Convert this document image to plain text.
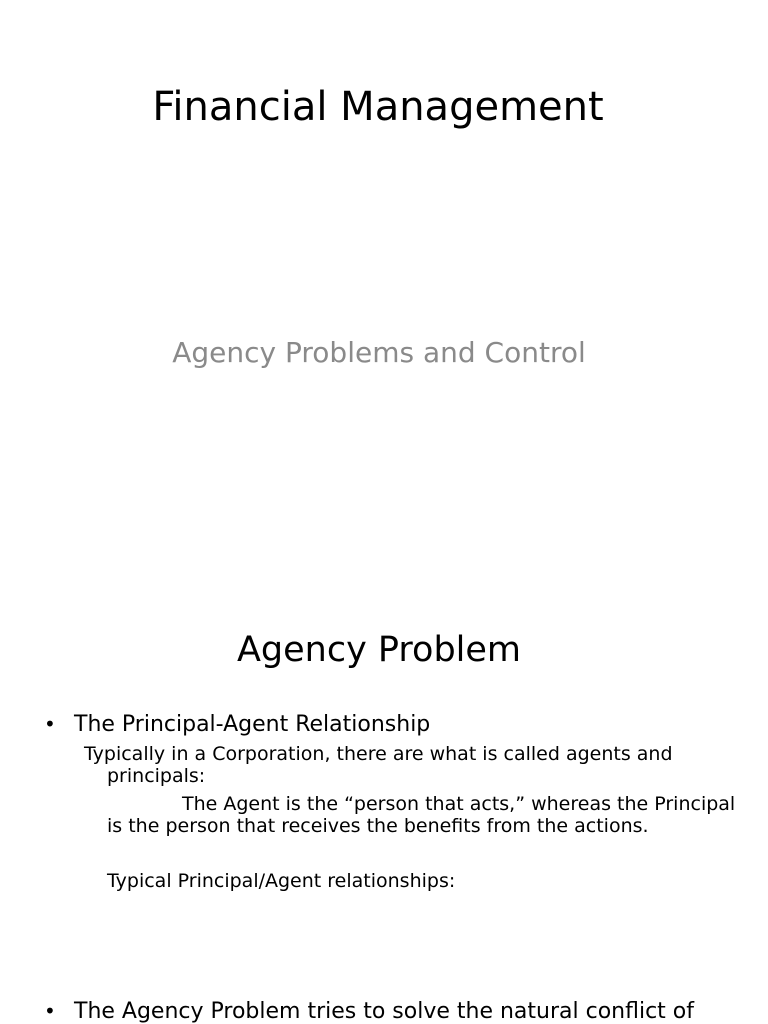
Financial Management
Agency Problems and Control
Agency Problem
• The Principal-Agent Relationship
Typically in a Corporation, there are what is called agents and
principals:
The Agent is the “person that acts,” whereas the Principal
is the person that receives the benefits from the actions.
Typical Principal/Agent relationships:
• The Agency Problem tries to solve the natural conflict of
